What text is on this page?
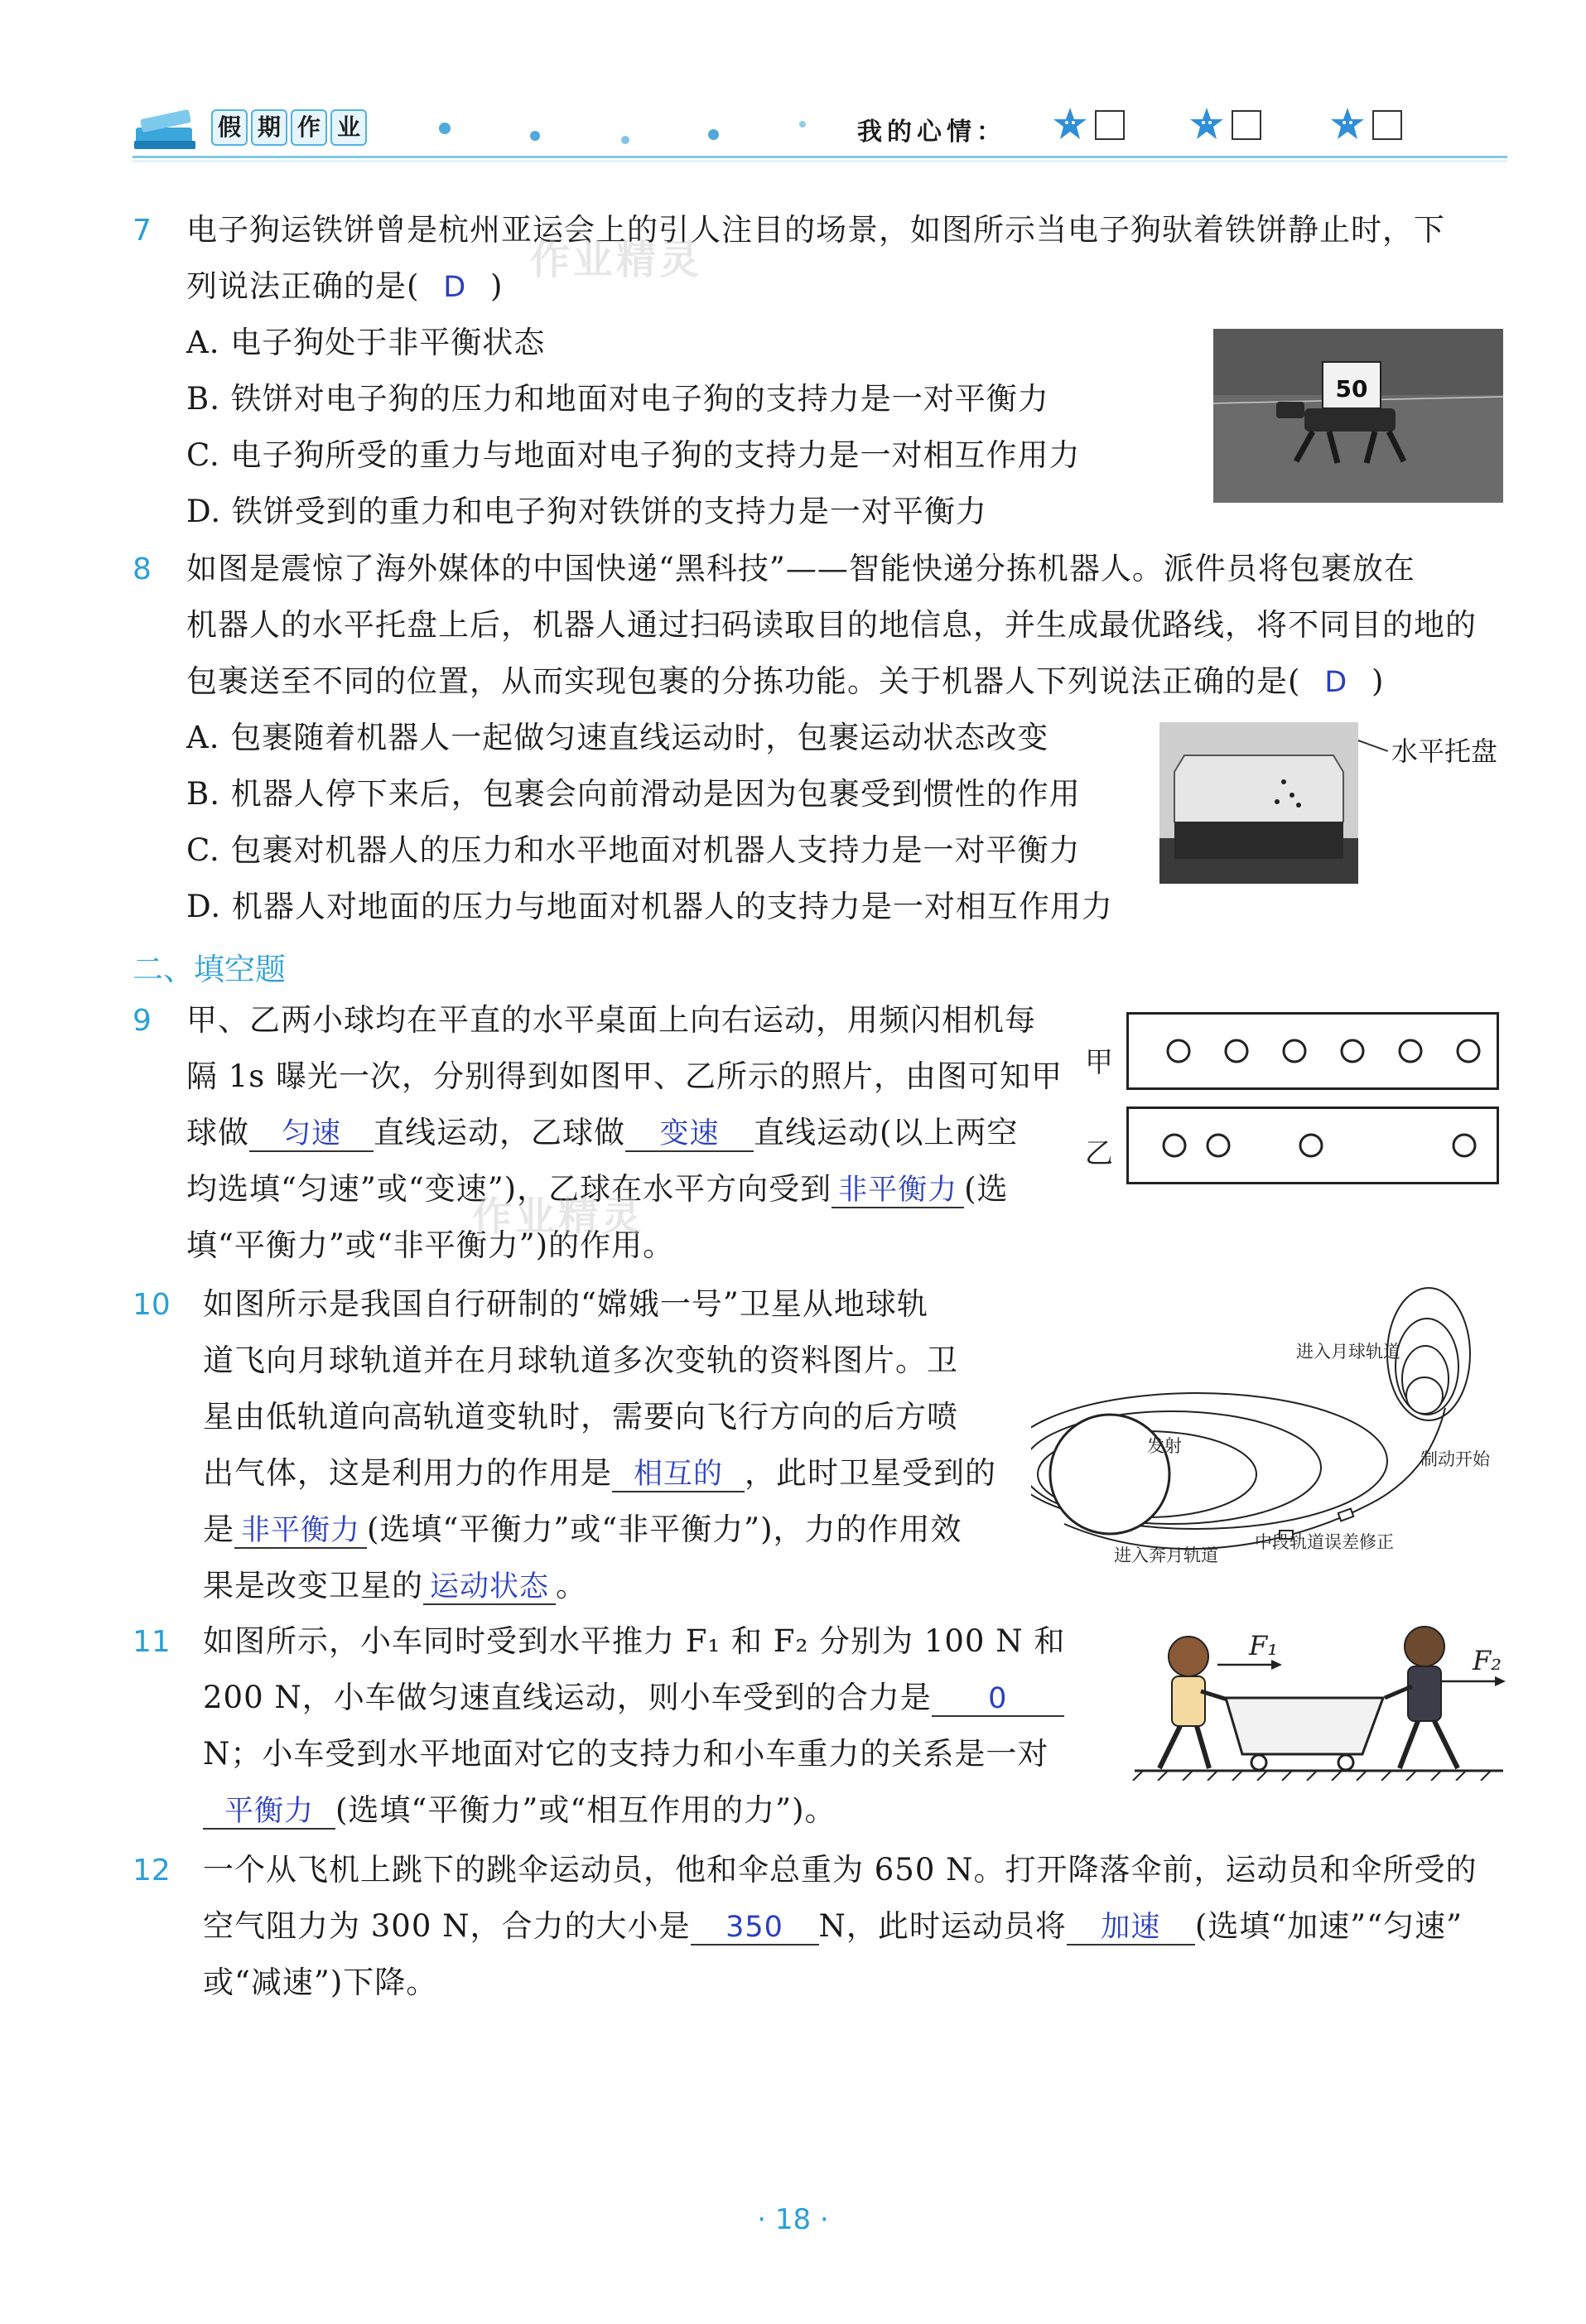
假 期 作 业	我的心情：
7 电子狗运铁饼曾是杭州亚运会上的引人注目的场景，如图所示当电子狗驮着铁饼静止时，下
列说法正确的是( D )
作业精灵
A. 电子狗处于非平衡状态
B. 铁饼对电子狗的压力和地面对电子狗的支持力是一对平衡力
C. 电子狗所受的重力与地面对电子狗的支持力是一对相互作用力
D. 铁饼受到的重力和电子狗对铁饼的支持力是一对平衡力
50
8 如图是震惊了海外媒体的中国快递“黑科技”——智能快递分拣机器人。派件员将包裹放在
机器人的水平托盘上后，机器人通过扫码读取目的地信息，并生成最优路线，将不同目的地的
包裹送至不同的位置，从而实现包裹的分拣功能。关于机器人下列说法正确的是( D )
A. 包裹随着机器人一起做匀速直线运动时，包裹运动状态改变
B. 机器人停下来后，包裹会向前滑动是因为包裹受到惯性的作用
C. 包裹对机器人的压力和水平地面对机器人支持力是一对平衡力
D. 机器人对地面的压力与地面对机器人的支持力是一对相互作用力
水平托盘
二、填空题
9 甲、乙两小球均在平直的水平桌面上向右运动，用频闪相机每
隔 1s 曝光一次，分别得到如图甲、乙所示的照片，由图可知甲
球做 匀速 直线运动，乙球做 变速 直线运动(以上两空
均选填“匀速”或“变速”)，乙球在水平方向受到 非平衡力 (选
填“平衡力”或“非平衡力”)的作用。
作业精灵
甲
乙
10 如图所示是我国自行研制的“嫦娥一号”卫星从地球轨
道飞向月球轨道并在月球轨道多次变轨的资料图片。卫
星由低轨道向高轨道变轨时，需要向飞行方向的后方喷
出气体，这是利用力的作用是 相互的 ，此时卫星受到的
是 非平衡力 (选填“平衡力”或“非平衡力”)，力的作用效
果是改变卫星的 运动状态 。
进入月球轨道
发射
制动开始
进入奔月轨道
中段轨道误差修正
11 如图所示，小车同时受到水平推力 F₁ 和 F₂ 分别为 100 N 和
200 N，小车做匀速直线运动，则小车受到的合力是 0
N；小车受到水平地面对它的支持力和小车重力的关系是一对
平衡力 (选填“平衡力”或“相互作用的力”)。
F₁	F₂
12 一个从飞机上跳下的跳伞运动员，他和伞总重为 650 N。打开降落伞前，运动员和伞所受的
空气阻力为 300 N，合力的大小是 350 N，此时运动员将 加速 (选填“加速”“匀速”
或“减速”)下降。
· 18 ·
